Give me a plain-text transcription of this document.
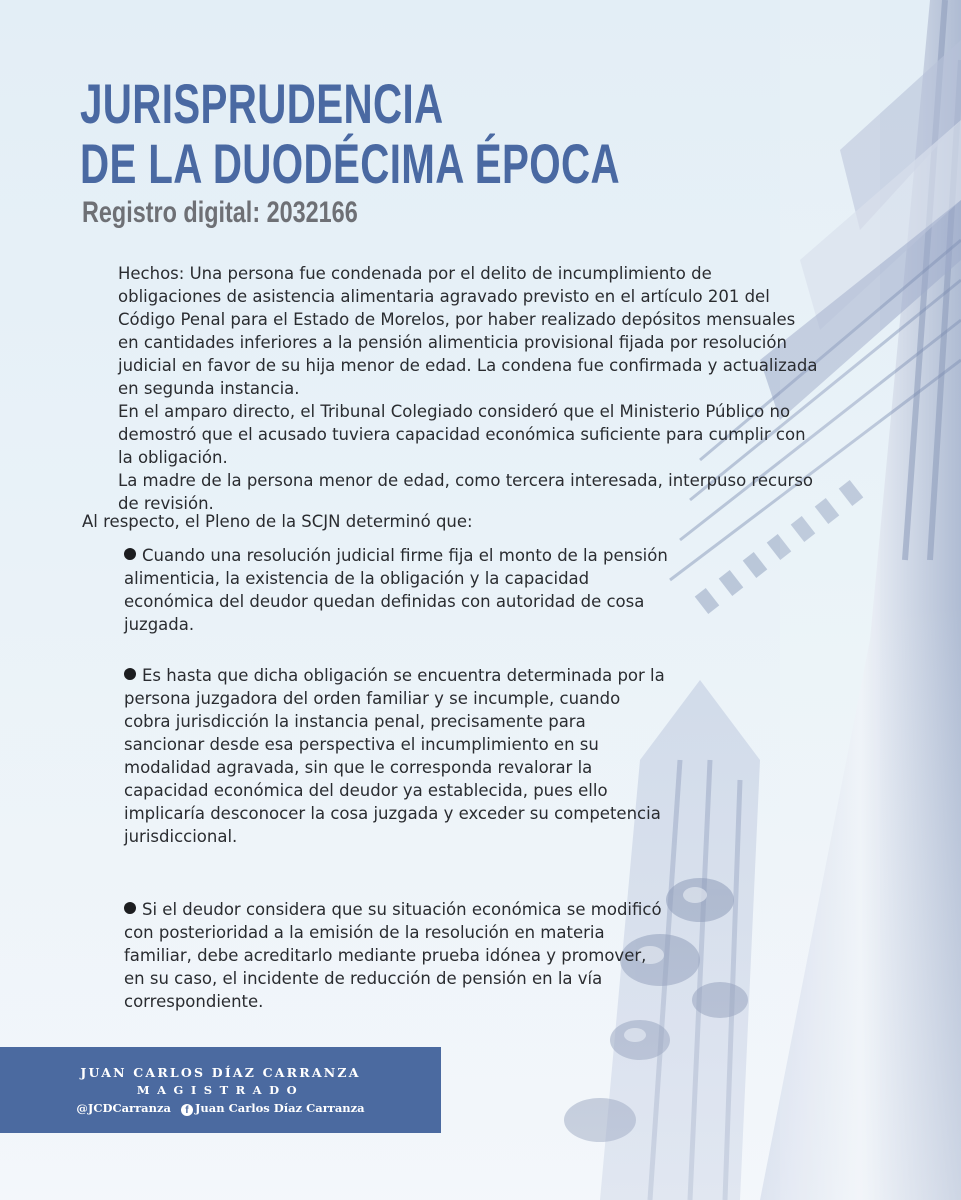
JURISPRUDENCIA
DE LA DUODÉCIMA ÉPOCA
Registro digital: 2032166

Hechos: Una persona fue condenada por el delito de incumplimiento de obligaciones de asistencia alimentaria agravado previsto en el artículo 201 del Código Penal para el Estado de Morelos, por haber realizado depósitos mensuales en cantidades inferiores a la pensión alimenticia provisional fijada por resolución judicial en favor de su hija menor de edad. La condena fue confirmada y actualizada en segunda instancia.

En el amparo directo, el Tribunal Colegiado consideró que el Ministerio Público no demostró que el acusado tuviera capacidad económica suficiente para cumplir con la obligación.

La madre de la persona menor de edad, como tercera interesada, interpuso recurso de revisión.

Al respecto, el Pleno de la SCJN determinó que:
Cuando una resolución judicial firme fija el monto de la pensión alimenticia, la existencia de la obligación y la capacidad económica del deudor quedan definidas con autoridad de cosa juzgada.
Es hasta que dicha obligación se encuentra determinada por la persona juzgadora del orden familiar y se incumple, cuando cobra jurisdicción la instancia penal, precisamente para sancionar desde esa perspectiva el incumplimiento en su modalidad agravada, sin que le corresponda revalorar la capacidad económica del deudor ya establecida, pues ello implicaría desconocer la cosa juzgada y exceder su competencia jurisdiccional.
Si el deudor considera que su situación económica se modificó con posterioridad a la emisión de la resolución en materia familiar, debe acreditarlo mediante prueba idónea y promover, en su caso, el incidente de reducción de pensión en la vía correspondiente.
JUAN CARLOS DÍAZ CARRANZA
MAGISTRADO
@JCDCarranza f Juan Carlos Díaz Carranza
